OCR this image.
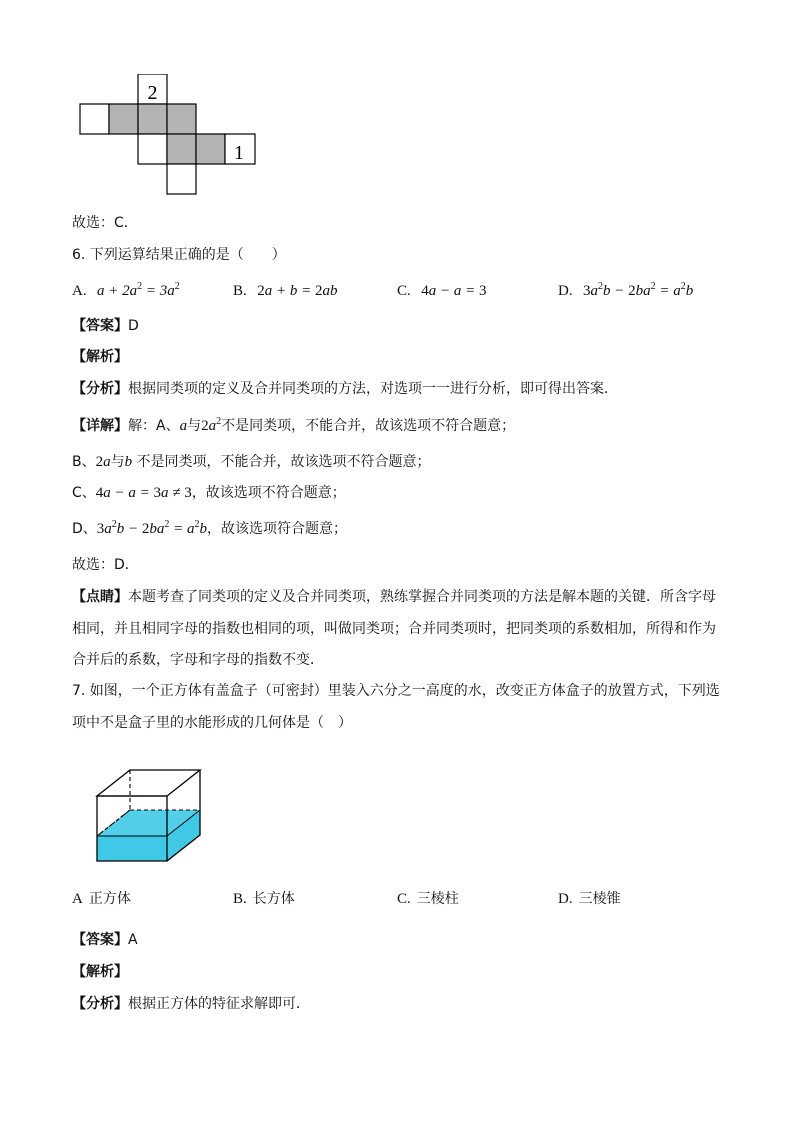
2
1
故选：C．
6. 下列运算结果正确的是（　　）
A. $a + 2a^2 = 3a^2$	B. 2a + b = 2ab	C. 4a − a = 3	D. $3a^2b - 2ba^2 = a^2b$
【答案】D
【解析】
【分析】根据同类项的定义及合并同类项的方法，对选项一一进行分析，即可得出答案．
【详解】解：A、a与$2a^2$不是同类项，不能合并，故该选项不符合题意；
B、2a与b 不是同类项，不能合并，故该选项不符合题意；
C、4a − a = 3a ≠ 3，故该选项不符合题意；
D、$3a^2b - 2ba^2 = a^2b$，故该选项符合题意；
故选：D．
【点睛】本题考查了同类项的定义及合并同类项，熟练掌握合并同类项的方法是解本题的关键．所含字母
相同，并且相同字母的指数也相同的项，叫做同类项；合并同类项时，把同类项的系数相加，所得和作为
合并后的系数，字母和字母的指数不变．
7. 如图，一个正方体有盖盒子（可密封）里装入六分之一高度的水，改变正方体盒子的放置方式，下列选
项中不是盒子里的水能形成的几何体是（　）
A 正方体	B. 长方体	C. 三棱柱	D. 三棱锥
【答案】A
【解析】
【分析】根据正方体的特征求解即可．
